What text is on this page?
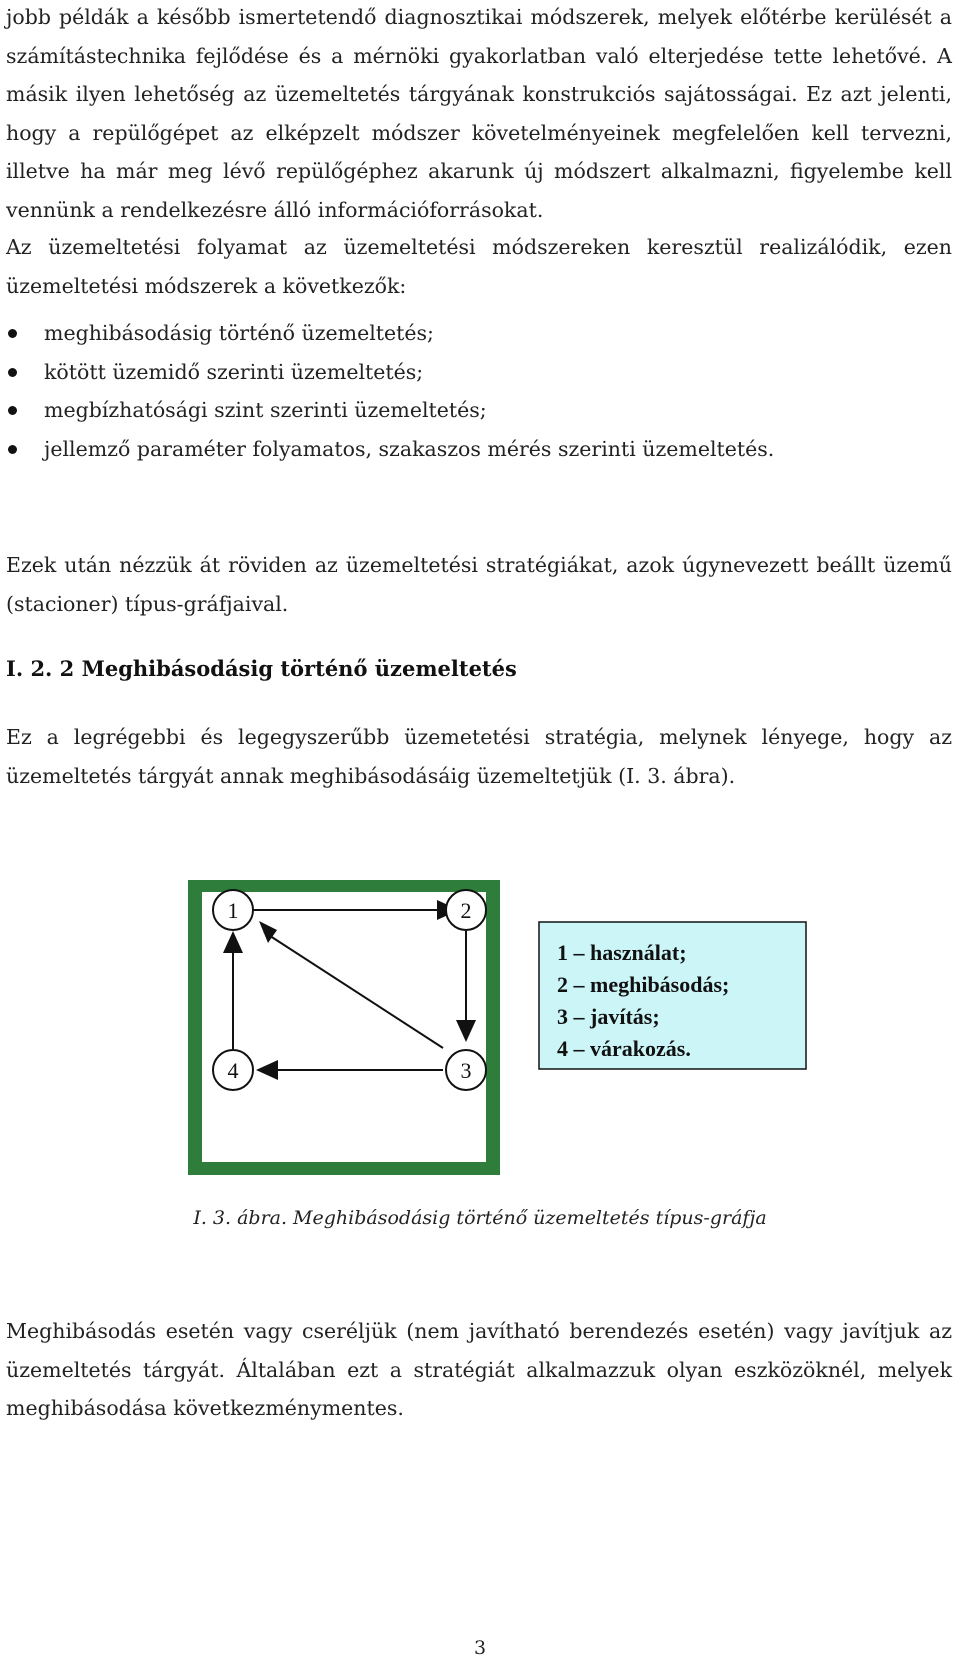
jobb példák a később ismertetendő diagnosztikai módszerek, melyek előtérbe kerülését a számítástechnika fejlődése és a mérnöki gyakorlatban való elterjedése tette lehetővé. A másik ilyen lehetőség az üzemeltetés tárgyának konstrukciós sajátosságai. Ez azt jelenti, hogy a repülőgépet az elképzelt módszer követelményeinek megfelelően kell tervezni, illetve ha már meg lévő repülőgéphez akarunk új módszert alkalmazni, figyelembe kell vennünk a rendelkezésre álló információforrásokat.

Az üzemeltetési folyamat az üzemeltetési módszereken keresztül realizálódik, ezen üzemeltetési módszerek a következők:

meghibásodásig történő üzemeltetés;
kötött üzemidő szerinti üzemeltetés;
megbízhatósági szint szerinti üzemeltetés;
jellemző paraméter folyamatos, szakaszos mérés szerinti üzemeltetés.

Ezek után nézzük át röviden az üzemeltetési stratégiákat, azok úgynevezett beállt üzemű (stacioner) típus-gráfjaival.

I. 2. 2 Meghibásodásig történő üzemeltetés

Ez a legrégebbi és legegyszerűbb üzemetetési stratégia, melynek lényege, hogy az üzemeltetés tárgyát annak meghibásodásáig üzemeltetjük (I. 3. ábra).

1	2
3
4
1 – használat;
2 – meghibásodás;
3 – javítás;
4 – várakozás.
I. 3. ábra. Meghibásodásig történő üzemeltetés típus-gráfja

Meghibásodás esetén vagy cseréljük (nem javítható berendezés esetén) vagy javítjuk az üzemeltetés tárgyát. Általában ezt a stratégiát alkalmazzuk olyan eszközöknél, melyek meghibásodása következménymentes.

3
